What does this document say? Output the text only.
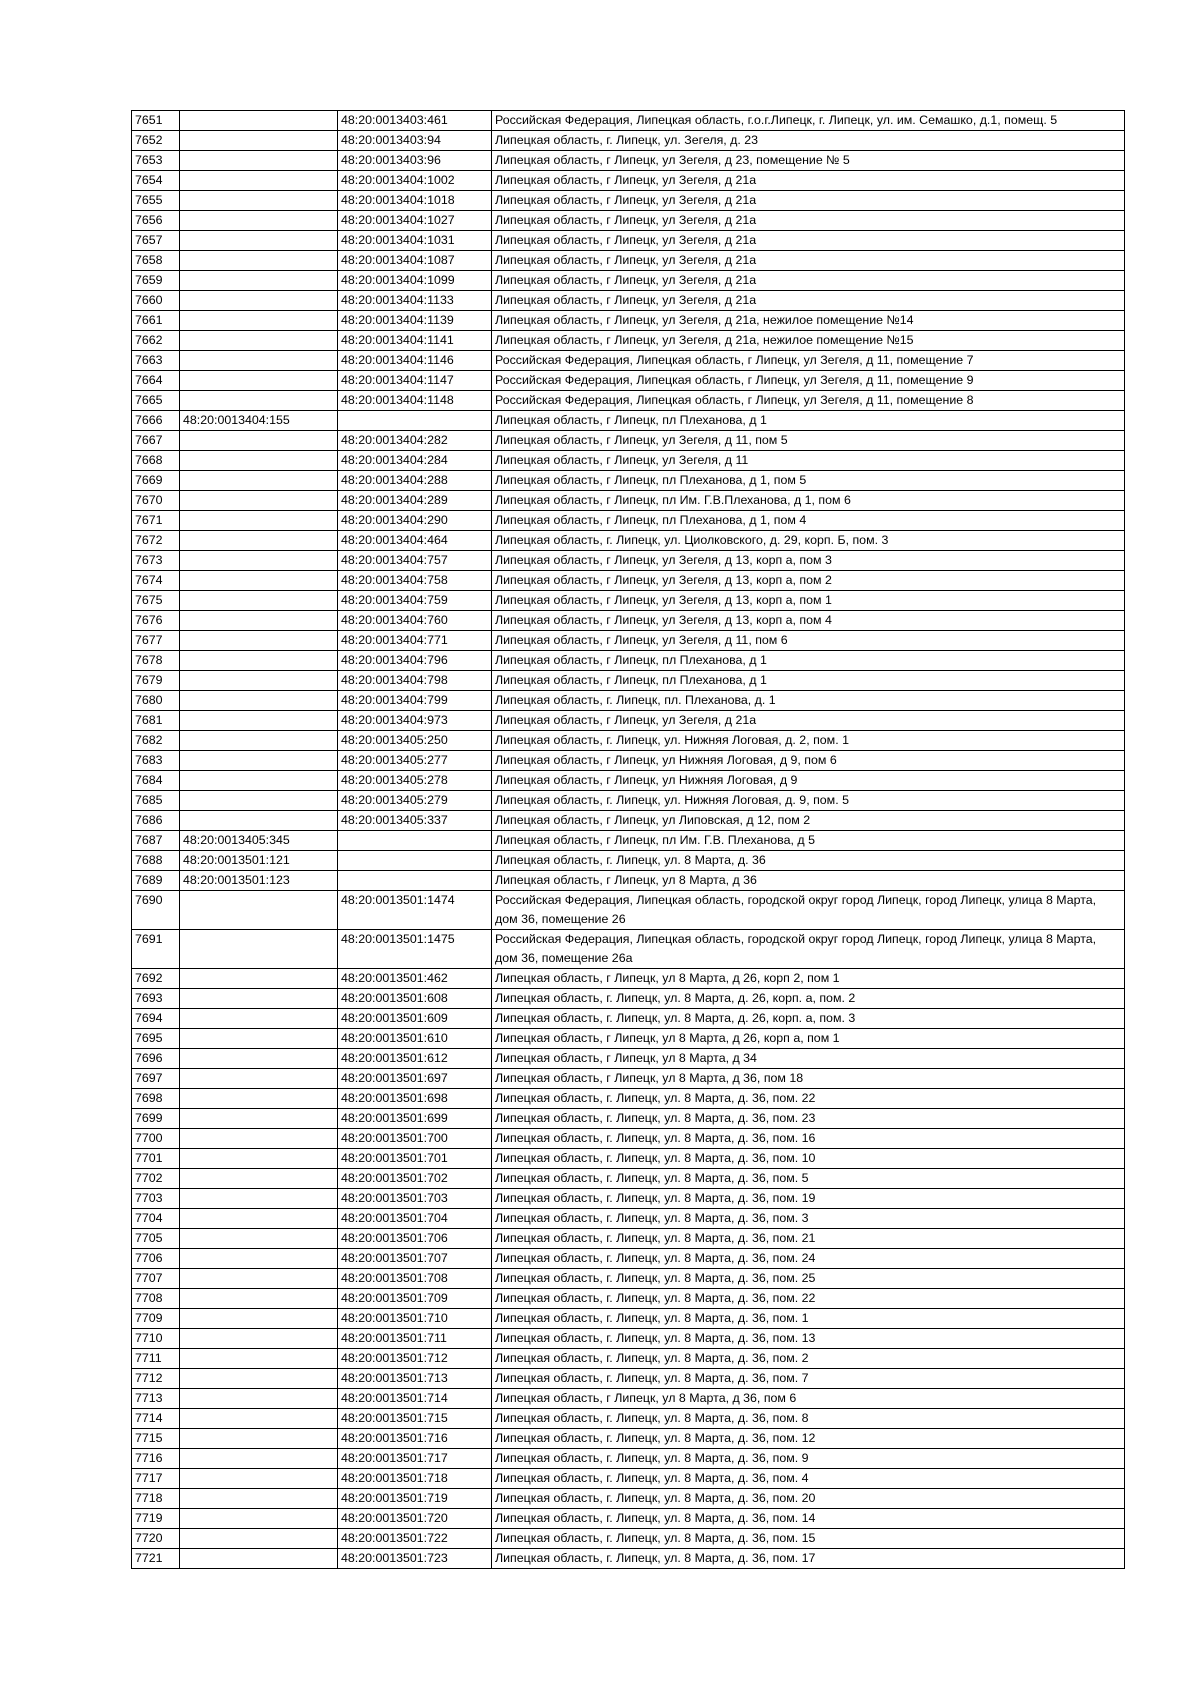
7651		48:20:0013403:461	Российская Федерация, Липецкая область, г.о.г.Липецк, г. Липецк, ул. им. Семашко, д.1, помещ. 5
7652		48:20:0013403:94	Липецкая область, г. Липецк, ул. Зегеля, д. 23
7653		48:20:0013403:96	Липецкая область, г Липецк, ул Зегеля, д 23, помещение № 5
7654		48:20:0013404:1002	Липецкая область, г Липецк, ул Зегеля, д 21а
7655		48:20:0013404:1018	Липецкая область, г Липецк, ул Зегеля, д 21а
7656		48:20:0013404:1027	Липецкая область, г Липецк, ул Зегеля, д 21а
7657		48:20:0013404:1031	Липецкая область, г Липецк, ул Зегеля, д 21а
7658		48:20:0013404:1087	Липецкая область, г Липецк, ул Зегеля, д 21а
7659		48:20:0013404:1099	Липецкая область, г Липецк, ул Зегеля, д 21а
7660		48:20:0013404:1133	Липецкая область, г Липецк, ул Зегеля, д 21а
7661		48:20:0013404:1139	Липецкая область, г Липецк, ул Зегеля, д 21а, нежилое помещение №14
7662		48:20:0013404:1141	Липецкая область, г Липецк, ул Зегеля, д 21а, нежилое помещение №15
7663		48:20:0013404:1146	Российская Федерация, Липецкая область, г Липецк, ул Зегеля, д 11, помещение 7
7664		48:20:0013404:1147	Российская Федерация, Липецкая область, г Липецк, ул Зегеля, д 11, помещение 9
7665		48:20:0013404:1148	Российская Федерация, Липецкая область, г Липецк, ул Зегеля, д 11, помещение 8
7666	48:20:0013404:155		Липецкая область, г Липецк, пл Плеханова, д 1
7667		48:20:0013404:282	Липецкая область, г Липецк, ул Зегеля, д 11, пом 5
7668		48:20:0013404:284	Липецкая область, г Липецк, ул Зегеля, д 11
7669		48:20:0013404:288	Липецкая область, г Липецк, пл Плеханова, д 1, пом 5
7670		48:20:0013404:289	Липецкая область, г Липецк, пл Им. Г.В.Плеханова, д 1, пом 6
7671		48:20:0013404:290	Липецкая область, г Липецк, пл Плеханова, д 1, пом 4
7672		48:20:0013404:464	Липецкая область, г. Липецк, ул. Циолковского, д. 29, корп. Б, пом. 3
7673		48:20:0013404:757	Липецкая область, г Липецк, ул Зегеля, д 13, корп а, пом 3
7674		48:20:0013404:758	Липецкая область, г Липецк, ул Зегеля, д 13, корп а, пом 2
7675		48:20:0013404:759	Липецкая область, г Липецк, ул Зегеля, д 13, корп а, пом 1
7676		48:20:0013404:760	Липецкая область, г Липецк, ул Зегеля, д 13, корп а, пом 4
7677		48:20:0013404:771	Липецкая область, г Липецк, ул Зегеля, д 11, пом 6
7678		48:20:0013404:796	Липецкая область, г Липецк, пл Плеханова, д 1
7679		48:20:0013404:798	Липецкая область, г Липецк, пл Плеханова, д 1
7680		48:20:0013404:799	Липецкая область, г. Липецк, пл. Плеханова, д. 1
7681		48:20:0013404:973	Липецкая область, г Липецк, ул Зегеля, д 21а
7682		48:20:0013405:250	Липецкая область, г. Липецк, ул. Нижняя Логовая, д. 2, пом. 1
7683		48:20:0013405:277	Липецкая область, г Липецк, ул Нижняя Логовая, д 9, пом 6
7684		48:20:0013405:278	Липецкая область, г Липецк, ул Нижняя Логовая, д 9
7685		48:20:0013405:279	Липецкая область, г. Липецк, ул. Нижняя Логовая, д. 9, пом. 5
7686		48:20:0013405:337	Липецкая область, г Липецк, ул Липовская, д 12, пом 2
7687	48:20:0013405:345		Липецкая область, г Липецк, пл Им. Г.В. Плеханова, д 5
7688	48:20:0013501:121		Липецкая область, г. Липецк, ул. 8 Марта, д. 36
7689	48:20:0013501:123		Липецкая область, г Липецк, ул 8 Марта, д 36
7690		48:20:0013501:1474	Российская Федерация, Липецкая область, городской округ город Липецк, город Липецк, улица 8 Марта, дом 36, помещение 26
7691		48:20:0013501:1475	Российская Федерация, Липецкая область, городской округ город Липецк, город Липецк, улица 8 Марта, дом 36, помещение 26а
7692		48:20:0013501:462	Липецкая область, г Липецк, ул 8 Марта, д 26, корп 2, пом 1
7693		48:20:0013501:608	Липецкая область, г. Липецк, ул. 8 Марта, д. 26, корп. а, пом. 2
7694		48:20:0013501:609	Липецкая область, г. Липецк, ул. 8 Марта, д. 26, корп. а, пом. 3
7695		48:20:0013501:610	Липецкая область, г Липецк, ул 8 Марта, д 26, корп а, пом 1
7696		48:20:0013501:612	Липецкая область, г Липецк, ул 8 Марта, д 34
7697		48:20:0013501:697	Липецкая область, г Липецк, ул 8 Марта, д 36, пом 18
7698		48:20:0013501:698	Липецкая область, г. Липецк, ул. 8 Марта, д. 36, пом. 22
7699		48:20:0013501:699	Липецкая область, г. Липецк, ул. 8 Марта, д. 36, пом. 23
7700		48:20:0013501:700	Липецкая область, г. Липецк, ул. 8 Марта, д. 36, пом. 16
7701		48:20:0013501:701	Липецкая область, г. Липецк, ул. 8 Марта, д. 36, пом. 10
7702		48:20:0013501:702	Липецкая область, г. Липецк, ул. 8 Марта, д. 36, пом. 5
7703		48:20:0013501:703	Липецкая область, г. Липецк, ул. 8 Марта, д. 36, пом. 19
7704		48:20:0013501:704	Липецкая область, г. Липецк, ул. 8 Марта, д. 36, пом. 3
7705		48:20:0013501:706	Липецкая область, г. Липецк, ул. 8 Марта, д. 36, пом. 21
7706		48:20:0013501:707	Липецкая область, г. Липецк, ул. 8 Марта, д. 36, пом. 24
7707		48:20:0013501:708	Липецкая область, г. Липецк, ул. 8 Марта, д. 36, пом. 25
7708		48:20:0013501:709	Липецкая область, г. Липецк, ул. 8 Марта, д. 36, пом. 22
7709		48:20:0013501:710	Липецкая область, г. Липецк, ул. 8 Марта, д. 36, пом. 1
7710		48:20:0013501:711	Липецкая область, г. Липецк, ул. 8 Марта, д. 36, пом. 13
7711		48:20:0013501:712	Липецкая область, г. Липецк, ул. 8 Марта, д. 36, пом. 2
7712		48:20:0013501:713	Липецкая область, г. Липецк, ул. 8 Марта, д. 36, пом. 7
7713		48:20:0013501:714	Липецкая область, г Липецк, ул 8 Марта, д 36, пом 6
7714		48:20:0013501:715	Липецкая область, г. Липецк, ул. 8 Марта, д. 36, пом. 8
7715		48:20:0013501:716	Липецкая область, г. Липецк, ул. 8 Марта, д. 36, пом. 12
7716		48:20:0013501:717	Липецкая область, г. Липецк, ул. 8 Марта, д. 36, пом. 9
7717		48:20:0013501:718	Липецкая область, г. Липецк, ул. 8 Марта, д. 36, пом. 4
7718		48:20:0013501:719	Липецкая область, г. Липецк, ул. 8 Марта, д. 36, пом. 20
7719		48:20:0013501:720	Липецкая область, г. Липецк, ул. 8 Марта, д. 36, пом. 14
7720		48:20:0013501:722	Липецкая область, г. Липецк, ул. 8 Марта, д. 36, пом. 15
7721		48:20:0013501:723	Липецкая область, г. Липецк, ул. 8 Марта, д. 36, пом. 17
